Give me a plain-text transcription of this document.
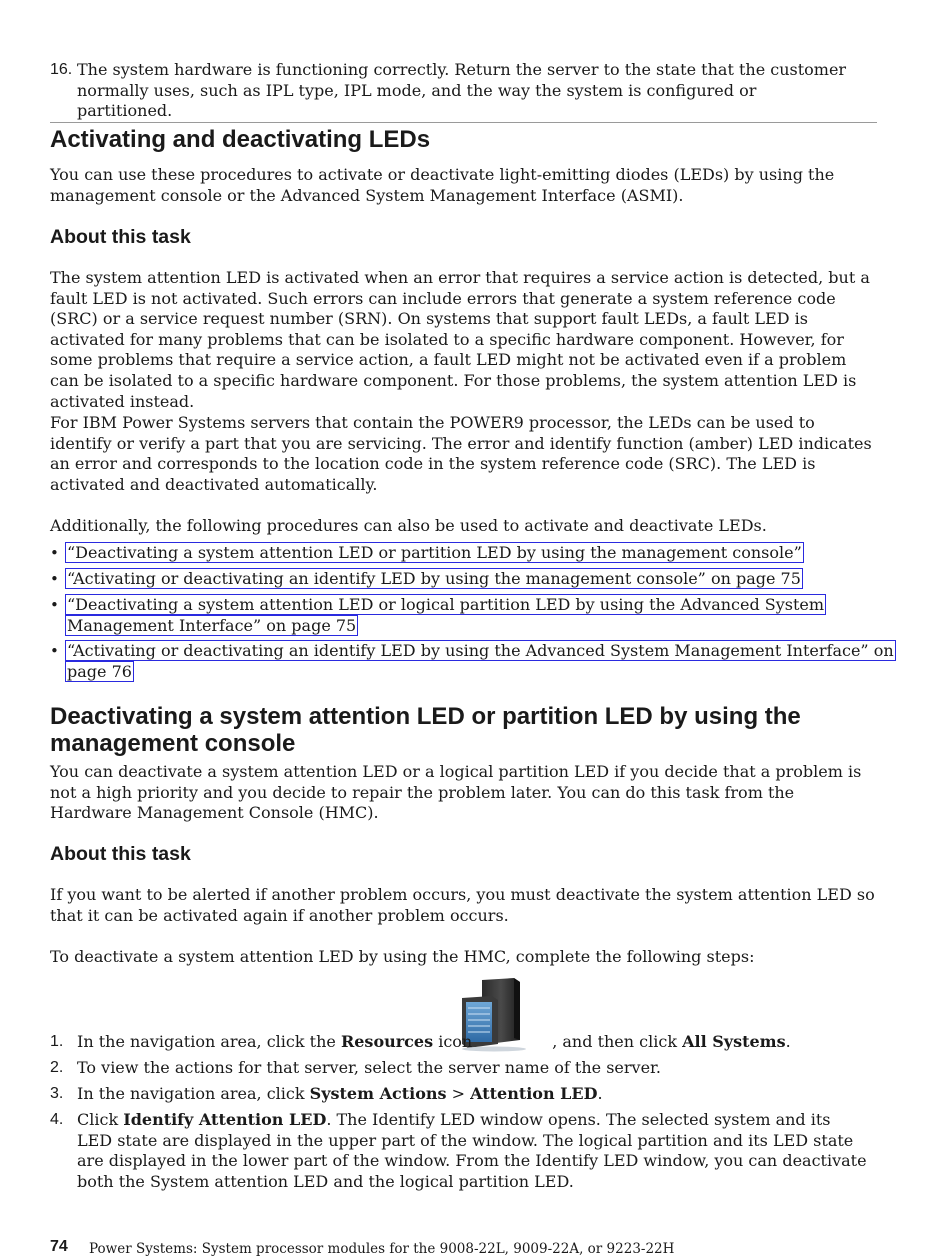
16. The system hardware is functioning correctly. Return the server to the state that the customer normally uses, such as IPL type, IPL mode, and the way the system is configured or partitioned.

Activating and deactivating LEDs

You can use these procedures to activate or deactivate light-emitting diodes (LEDs) by using the management console or the Advanced System Management Interface (ASMI).

About this task

The system attention LED is activated when an error that requires a service action is detected, but a fault LED is not activated. Such errors can include errors that generate a system reference code (SRC) or a service request number (SRN). On systems that support fault LEDs, a fault LED is activated for many problems that can be isolated to a specific hardware component. However, for some problems that require a service action, a fault LED might not be activated even if a problem can be isolated to a specific hardware component. For those problems, the system attention LED is activated instead.

For IBM Power Systems servers that contain the POWER9 processor, the LEDs can be used to identify or verify a part that you are servicing. The error and identify function (amber) LED indicates an error and corresponds to the location code in the system reference code (SRC). The LED is activated and deactivated automatically.

Additionally, the following procedures can also be used to activate and deactivate LEDs.

• “Deactivating a system attention LED or partition LED by using the management console”
• “Activating or deactivating an identify LED by using the management console” on page 75
• “Deactivating a system attention LED or logical partition LED by using the Advanced System
Management Interface” on page 75
• “Activating or deactivating an identify LED by using the Advanced System Management Interface” on
page 76
Deactivating a system attention LED or partition LED by using the
management console

You can deactivate a system attention LED or a logical partition LED if you decide that a problem is not a high priority and you decide to repair the problem later. You can do this task from the Hardware Management Console (HMC).

About this task

If you want to be alerted if another problem occurs, you must deactivate the system attention LED so that it can be activated again if another problem occurs.

To deactivate a system attention LED by using the HMC, complete the following steps:

1. In the navigation area, click the Resources icon	, and then click All Systems.

2. To view the actions for that server, select the server name of the server.

3. In the navigation area, click System Actions > Attention LED.

4. Click Identify Attention LED. The Identify LED window opens. The selected system and its LED state are displayed in the upper part of the window. The logical partition and its LED state are displayed in the lower part of the window. From the Identify LED window, you can deactivate both the System attention LED and the logical partition LED.

74 Power Systems: System processor modules for the 9008-22L, 9009-22A, or 9223-22H
